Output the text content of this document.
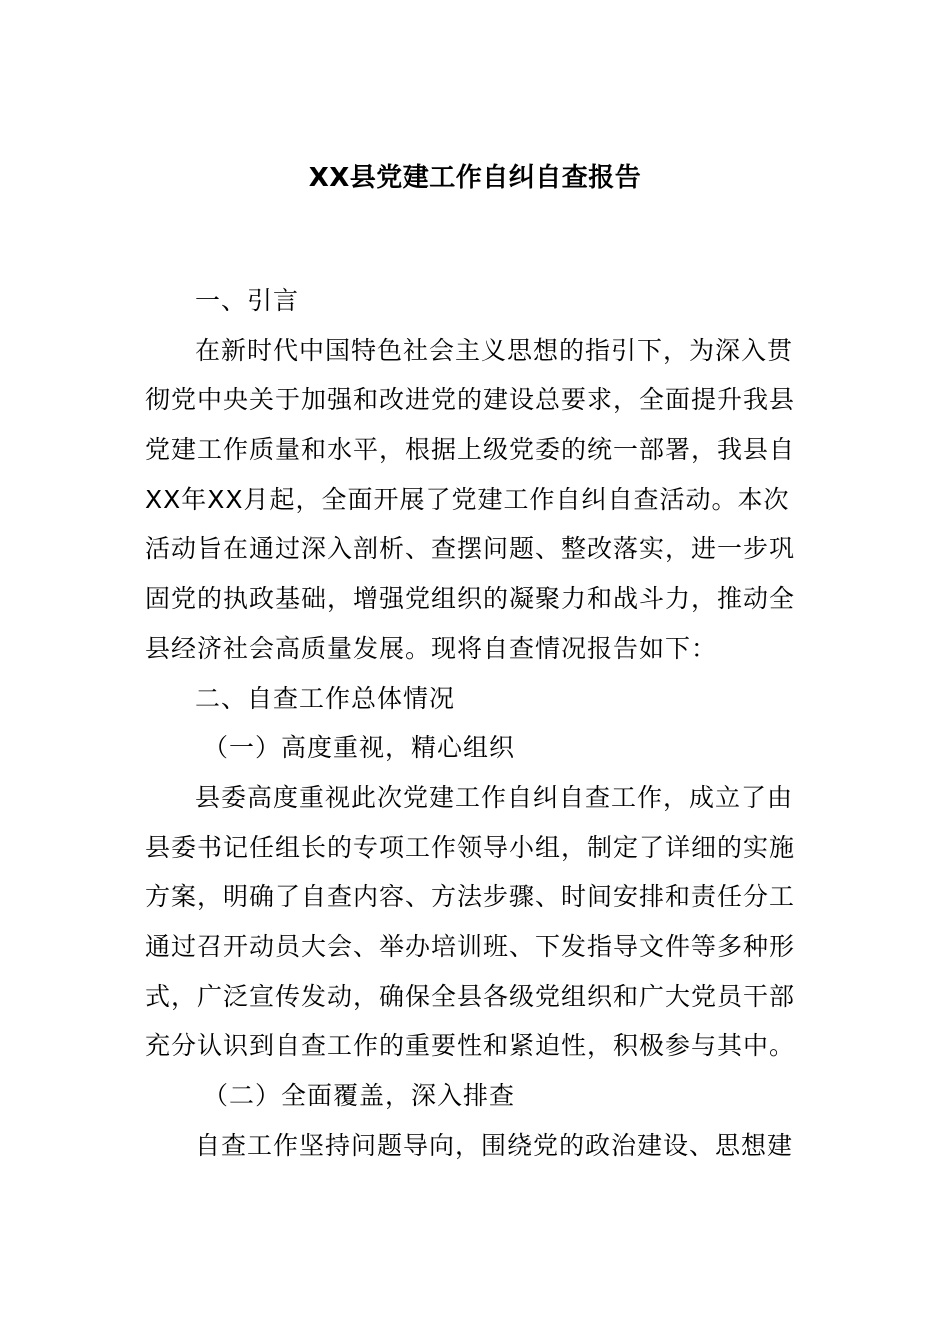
XX县党建工作自纠自查报告
一、引言
在新时代中国特色社会主义思想的指引下，为深入贯
彻党中央关于加强和改进党的建设总要求，全面提升我县
党建工作质量和水平，根据上级党委的统一部署，我县自
XX年XX月起，全面开展了党建工作自纠自查活动。本次
活动旨在通过深入剖析、查摆问题、整改落实，进一步巩
固党的执政基础，增强党组织的凝聚力和战斗力，推动全
县经济社会高质量发展。现将自查情况报告如下：
二、自查工作总体情况
（一）高度重视，精心组织
县委高度重视此次党建工作自纠自查工作，成立了由
县委书记任组长的专项工作领导小组，制定了详细的实施
方案，明确了自查内容、方法步骤、时间安排和责任分工
通过召开动员大会、举办培训班、下发指导文件等多种形
式，广泛宣传发动，确保全县各级党组织和广大党员干部
充分认识到自查工作的重要性和紧迫性，积极参与其中。
（二）全面覆盖，深入排查
自查工作坚持问题导向，围绕党的政治建设、思想建
